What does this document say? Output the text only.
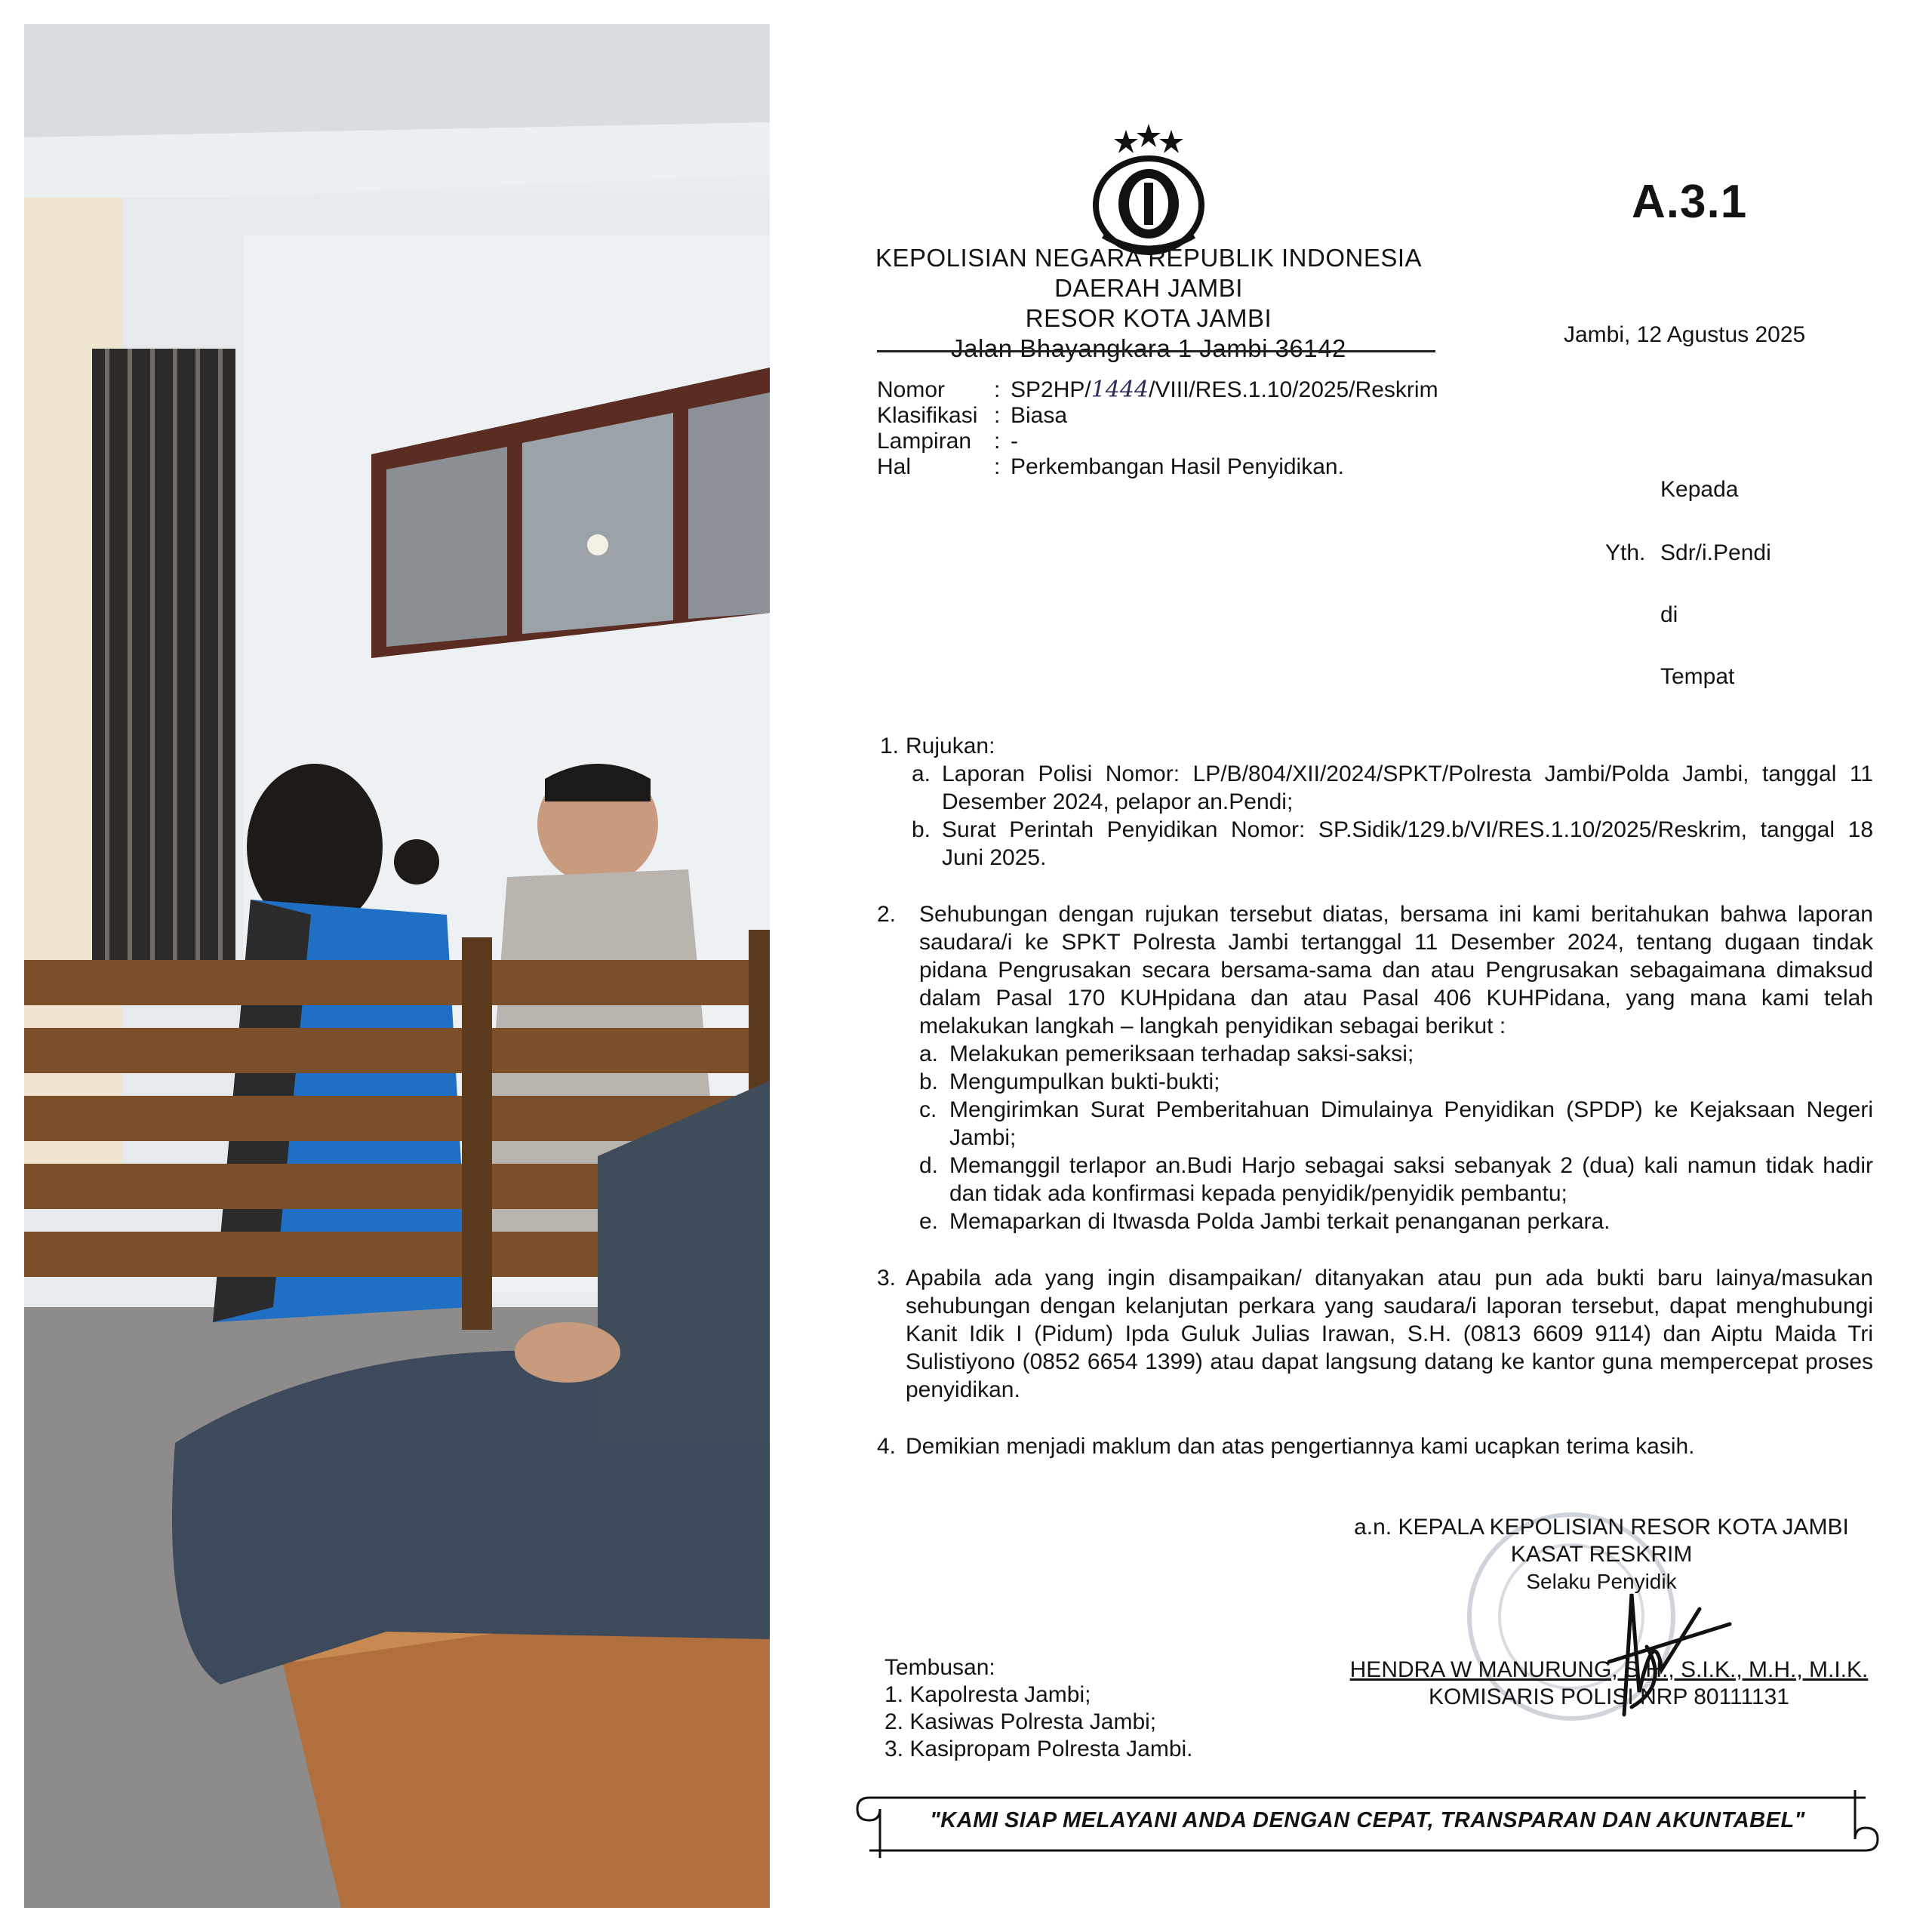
KEPOLISIAN NEGARA REPUBLIK INDONESIA
DAERAH JAMBI
RESOR KOTA JAMBI
Jalan Bhayangkara 1 Jambi 36142
A.3.1
Jambi, 12 Agustus 2025
Nomor	: SP2HP/ 1444 /VIII/RES.1.10/2025/Reskrim
Klasifikasi : Biasa
Lampiran : -
Hal	: Perkembangan Hasil Penyidikan.
Kepada
Yth. Sdr/i.Pendi
di
Tempat
1. Rujukan:
a. Laporan Polisi Nomor: LP/B/804/XII/2024/SPKT/Polresta Jambi/Polda Jambi, tanggal 11 Desember 2024, pelapor an.Pendi;
b. Surat Perintah Penyidikan Nomor: SP.Sidik/129.b/VI/RES.1.10/2025/Reskrim, tanggal 18 Juni 2025.
2.	Sehubungan dengan rujukan tersebut diatas, bersama ini kami beritahukan bahwa laporan saudara/i ke SPKT Polresta Jambi tertanggal 11 Desember 2024, tentang dugaan tindak pidana Pengrusakan secara bersama-sama dan atau Pengrusakan sebagaimana dimaksud dalam Pasal 170 KUHpidana dan atau Pasal 406 KUHPidana, yang mana kami telah melakukan langkah – langkah penyidikan sebagai berikut :
a. Melakukan pemeriksaan terhadap saksi-saksi;
b. Mengumpulkan bukti-bukti;
c. Mengirimkan Surat Pemberitahuan Dimulainya Penyidikan (SPDP) ke Kejaksaan Negeri Jambi;
d. Memanggil terlapor an.Budi Harjo sebagai saksi sebanyak 2 (dua) kali namun tidak hadir dan tidak ada konfirmasi kepada penyidik/penyidik pembantu;
e. Memaparkan di Itwasda Polda Jambi terkait penanganan perkara.
3. Apabila ada yang ingin disampaikan/ ditanyakan atau pun ada bukti baru lainya/masukan sehubungan dengan kelanjutan perkara yang saudara/i laporan tersebut, dapat menghubungi Kanit Idik I (Pidum) Ipda Guluk Julias Irawan, S.H. (0813 6609 9114) dan Aiptu Maida Tri Sulistiyono (0852 6654 1399) atau dapat langsung datang ke kantor guna mempercepat proses penyidikan.
4. Demikian menjadi maklum dan atas pengertiannya kami ucapkan terima kasih.
a.n. KEPALA KEPOLISIAN RESOR KOTA JAMBI
KASAT RESKRIM
Selaku Penyidik
HENDRA W MANURUNG, S.H., S.I.K., M.H., M.I.K.
KOMISARIS POLISI NRP 80111131
Tembusan:
1. Kapolresta Jambi;
2. Kasiwas Polresta Jambi;
3. Kasipropam Polresta Jambi.
"KAMI SIAP MELAYANI ANDA DENGAN CEPAT, TRANSPARAN DAN AKUNTABEL"
